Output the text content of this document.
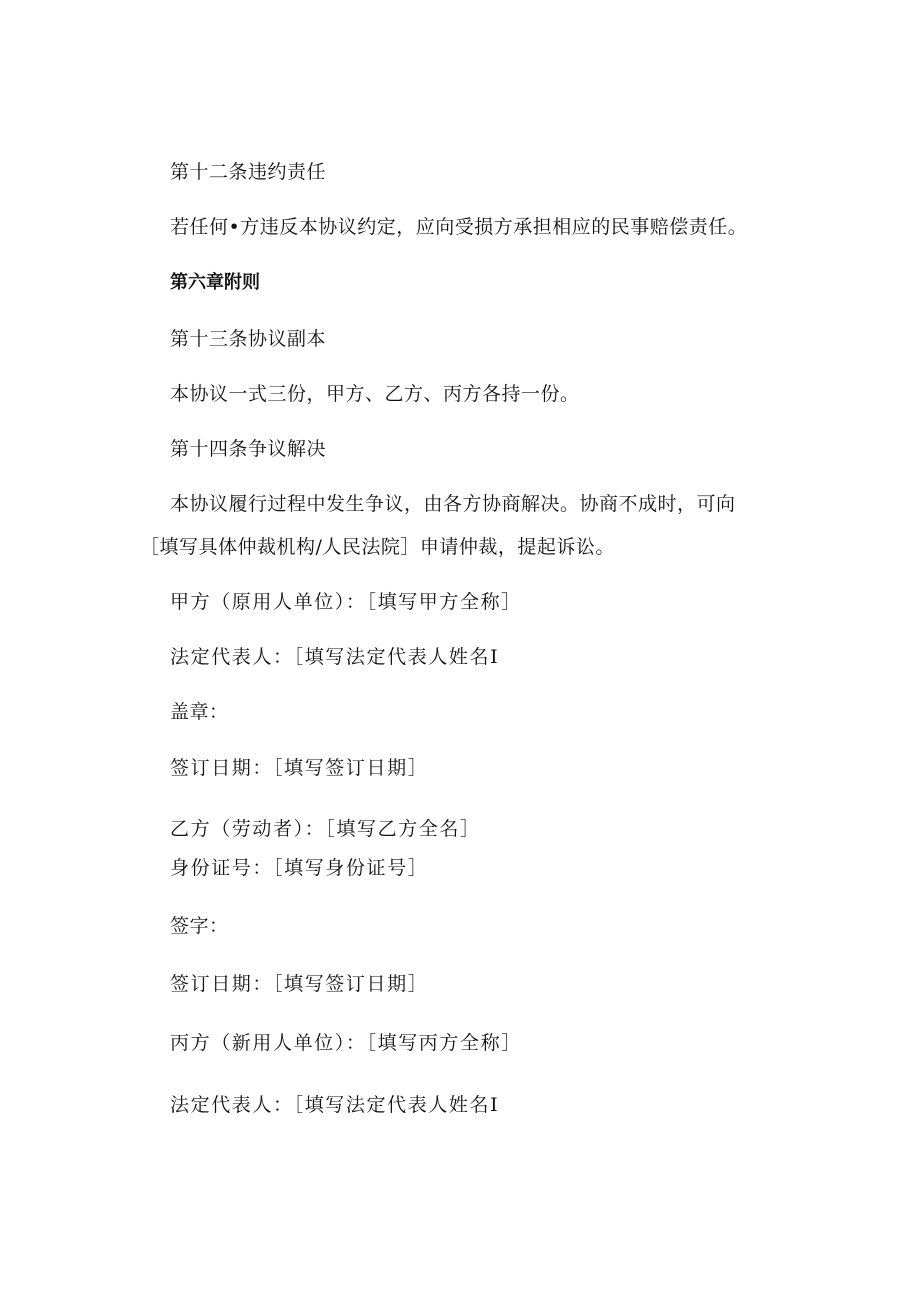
第十二条违约责任
若任何•方违反本协议约定，应向受损方承担相应的民事赔偿责任。
第六章附则
第十三条协议副本
本协议一式三份，甲方、乙方、丙方各持一份。
第十四条争议解决
本协议履行过程中发生争议，由各方协商解决。协商不成时，可向
［填写具体仲裁机构/人民法院］申请仲裁，提起诉讼。
甲方（原用人单位）：［填写甲方全称］
法定代表人：［填写法定代表人姓名Ⅰ
盖章：
签订日期：［填写签订日期］
乙方（劳动者）：［填写乙方全名］
身份证号：［填写身份证号］
签字：
签订日期：［填写签订日期］
丙方（新用人单位）：［填写丙方全称］
法定代表人：［填写法定代表人姓名Ⅰ
